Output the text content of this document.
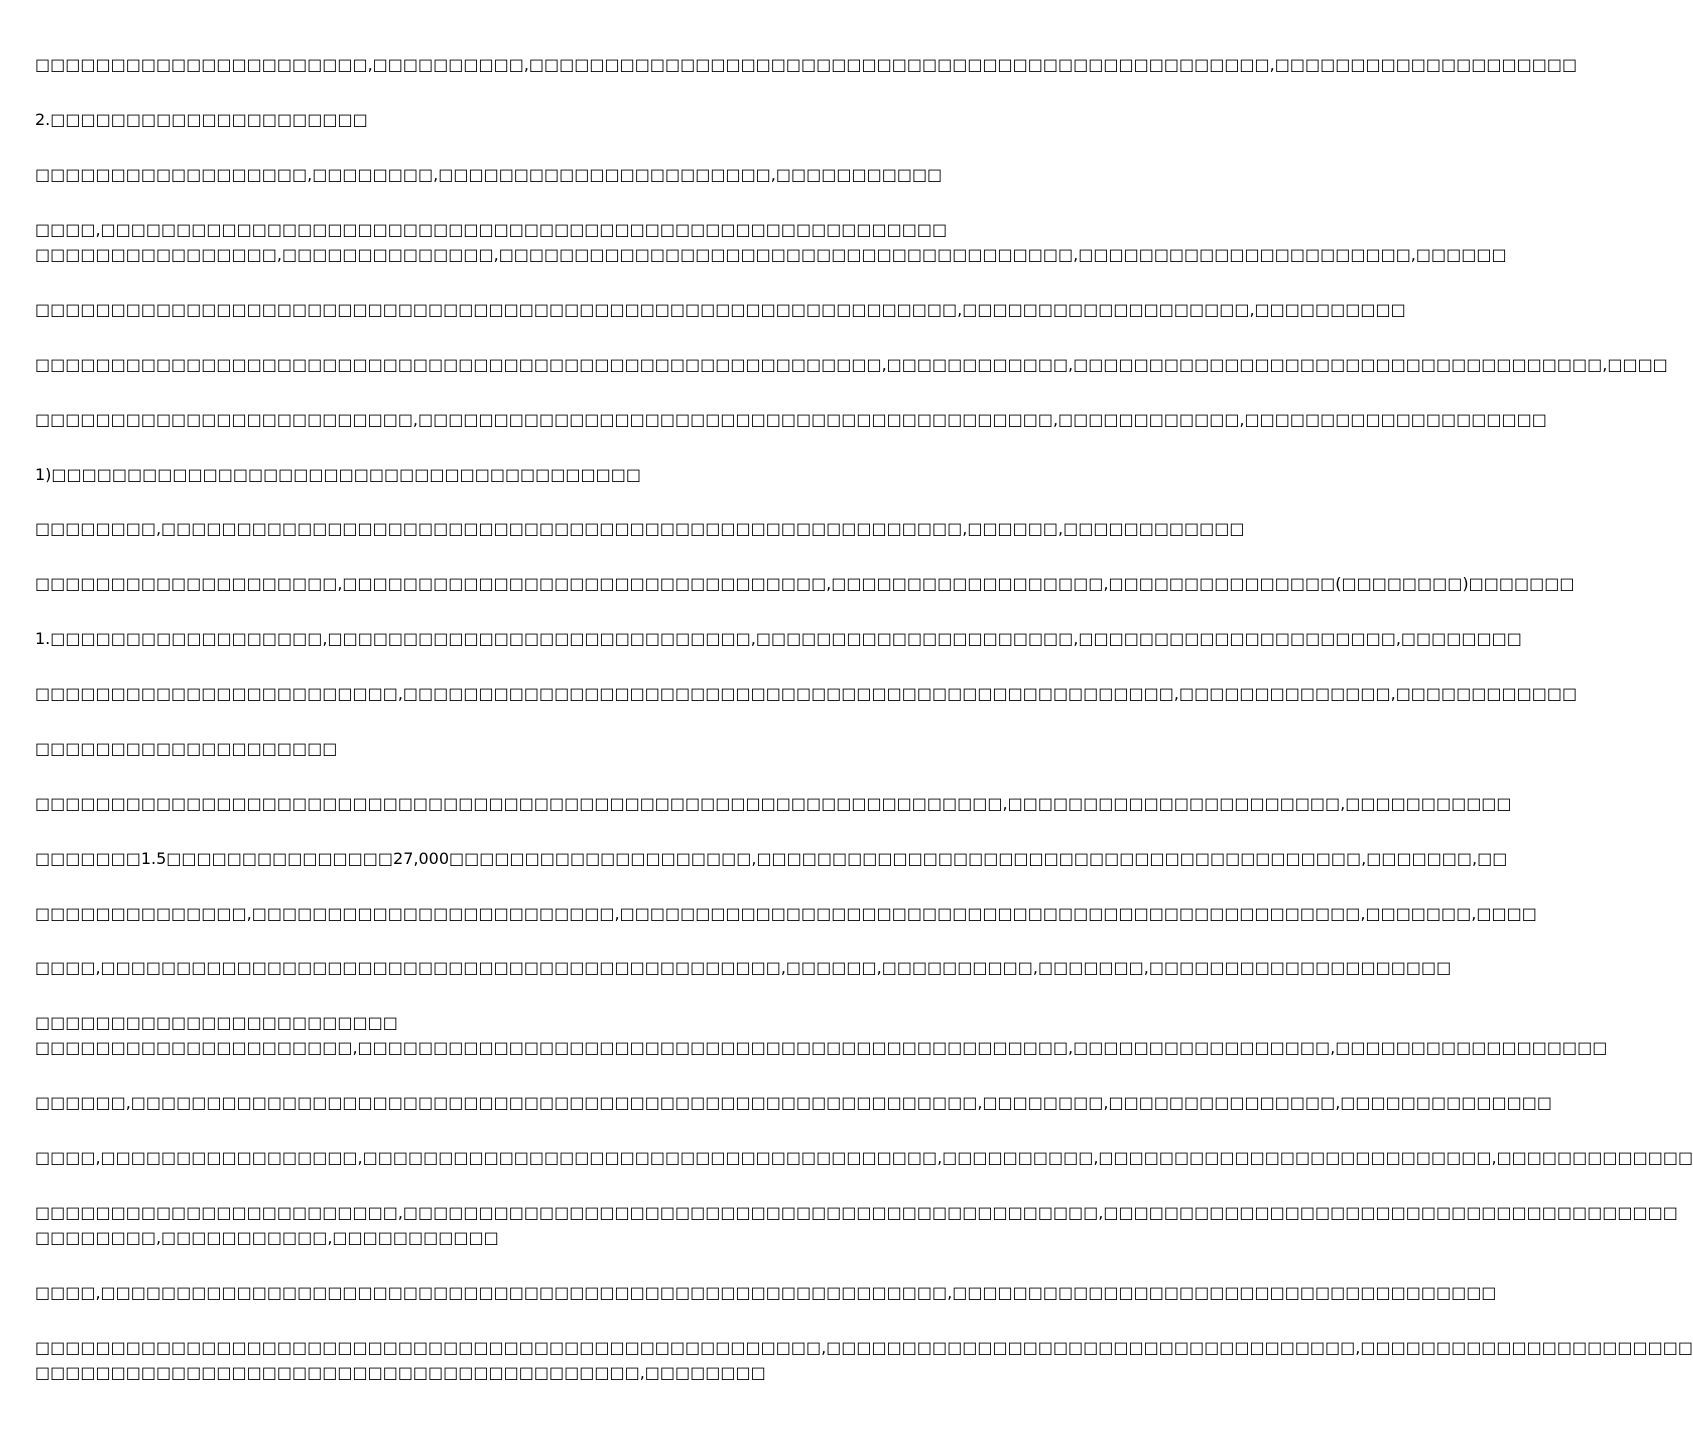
□□□□□□□□□□□□□□□□□□□□□□,□□□□□□□□□□,□□□□□□□□□□□□□□□□□□□□□□□□□□□□□□□□□□□□□□□□□□□□□□□□□,□□□□□□□□□□□□□□□□□□□□
2.□□□□□□□□□□□□□□□□□□□□□
□□□□□□□□□□□□□□□□□□,□□□□□□□□,□□□□□□□□□□□□□□□□□□□□□□,□□□□□□□□□□□
□□□□,□□□□□□□□□□□□□□□□□□□□□□□□□□□□□□□□□□□□□□□□□□□□□□□□□□□□□□□□
□□□□□□□□□□□□□□□□,□□□□□□□□□□□□□□,□□□□□□□□□□□□□□□□□□□□□□□□□□□□□□□□□□□□□□,□□□□□□□□□□□□□□□□□□□□□□,□□□□□□
□□□□□□□□□□□□□□□□□□□□□□□□□□□□□□□□□□□□□□□□□□□□□□□□□□□□□□□□□□□□□,□□□□□□□□□□□□□□□□□□□,□□□□□□□□□□
□□□□□□□□□□□□□□□□□□□□□□□□□□□□□□□□□□□□□□□□□□□□□□□□□□□□□□□□,□□□□□□□□□□□□,□□□□□□□□□□□□□□□□□□□□□□□□□□□□□□□□□□□,□□□□
□□□□□□□□□□□□□□□□□□□□□□□□□,□□□□□□□□□□□□□□□□□□□□□□□□□□□□□□□□□□□□□□□□□□,□□□□□□□□□□□□,□□□□□□□□□□□□□□□□□□□□
1)□□□□□□□□□□□□□□□□□□□□□□□□□□□□□□□□□□□□□□□
□□□□□□□□,□□□□□□□□□□□□□□□□□□□□□□□□□□□□□□□□□□□□□□□□□□□□□□□□□□□□□,□□□□□□,□□□□□□□□□□□□
□□□□□□□□□□□□□□□□□□□□,□□□□□□□□□□□□□□□□□□□□□□□□□□□□□□□□,□□□□□□□□□□□□□□□□□□,□□□□□□□□□□□□□□□(□□□□□□□□)□□□□□□□
1.□□□□□□□□□□□□□□□□□□,□□□□□□□□□□□□□□□□□□□□□□□□□□□□,□□□□□□□□□□□□□□□□□□□□□,□□□□□□□□□□□□□□□□□□□□□,□□□□□□□□
□□□□□□□□□□□□□□□□□□□□□□□□,□□□□□□□□□□□□□□□□□□□□□□□□□□□□□□□□□□□□□□□□□□□□□□□□□□□,□□□□□□□□□□□□□□,□□□□□□□□□□□□
□□□□□□□□□□□□□□□□□□□□
□□□□□□□□□□□□□□□□□□□□□□□□□□□□□□□□□□□□□□□□□□□□□□□□□□□□□□□□□□□□□□□□,□□□□□□□□□□□□□□□□□□□□□□,□□□□□□□□□□□
□□□□□□□1.5□□□□□□□□□□□□□□□27,000□□□□□□□□□□□□□□□□□□□□,□□□□□□□□□□□□□□□□□□□□□□□□□□□□□□□□□□□□□□□□,□□□□□□□,□□
□□□□□□□□□□□□□□,□□□□□□□□□□□□□□□□□□□□□□□□,□□□□□□□□□□□□□□□□□□□□□□□□□□□□□□□□□□□□□□□□□□□□□□□□□,□□□□□□□,□□□□
□□□□,□□□□□□□□□□□□□□□□□□□□□□□□□□□□□□□□□□□□□□□□□□□□□,□□□□□□,□□□□□□□□□□,□□□□□□□,□□□□□□□□□□□□□□□□□□□□
□□□□□□□□□□□□□□□□□□□□□□□□
□□□□□□□□□□□□□□□□□□□□□,□□□□□□□□□□□□□□□□□□□□□□□□□□□□□□□□□□□□□□□□□□□□□□□,□□□□□□□□□□□□□□□□□,□□□□□□□□□□□□□□□□□□
□□□□□□,□□□□□□□□□□□□□□□□□□□□□□□□□□□□□□□□□□□□□□□□□□□□□□□□□□□□□□□□,□□□□□□□□,□□□□□□□□□□□□□□□,□□□□□□□□□□□□□□
□□□□,□□□□□□□□□□□□□□□□□,□□□□□□□□□□□□□□□□□□□□□□□□□□□□□□□□□□□□□□,□□□□□□□□□□,□□□□□□□□□□□□□□□□□□□□□□□□□□,□□□□□□□□□□□□□
□□□□□□□□□□□□□□□□□□□□□□□□,□□□□□□□□□□□□□□□□□□□□□□□□□□□□□□□□□□□□□□□□□□□□□□,□□□□□□□□□□□□□□□□□□□□□□□□□□□□□□□□□□□□□□
□□□□□□□□,□□□□□□□□□□□,□□□□□□□□□□□
□□□□,□□□□□□□□□□□□□□□□□□□□□□□□□□□□□□□□□□□□□□□□□□□□□□□□□□□□□□□□,□□□□□□□□□□□□□□□□□□□□□□□□□□□□□□□□□□□□
□□□□□□□□□□□□□□□□□□□□□□□□□□□□□□□□□□□□□□□□□□□□□□□□□□□□,□□□□□□□□□□□□□□□□□□□□□□□□□□□□□□□□□□□,□□□□□□□□□□□□□□□□□□□□□□
□□□□□□□□□□□□□□□□□□□□□□□□□□□□□□□□□□□□□□□□,□□□□□□□□
